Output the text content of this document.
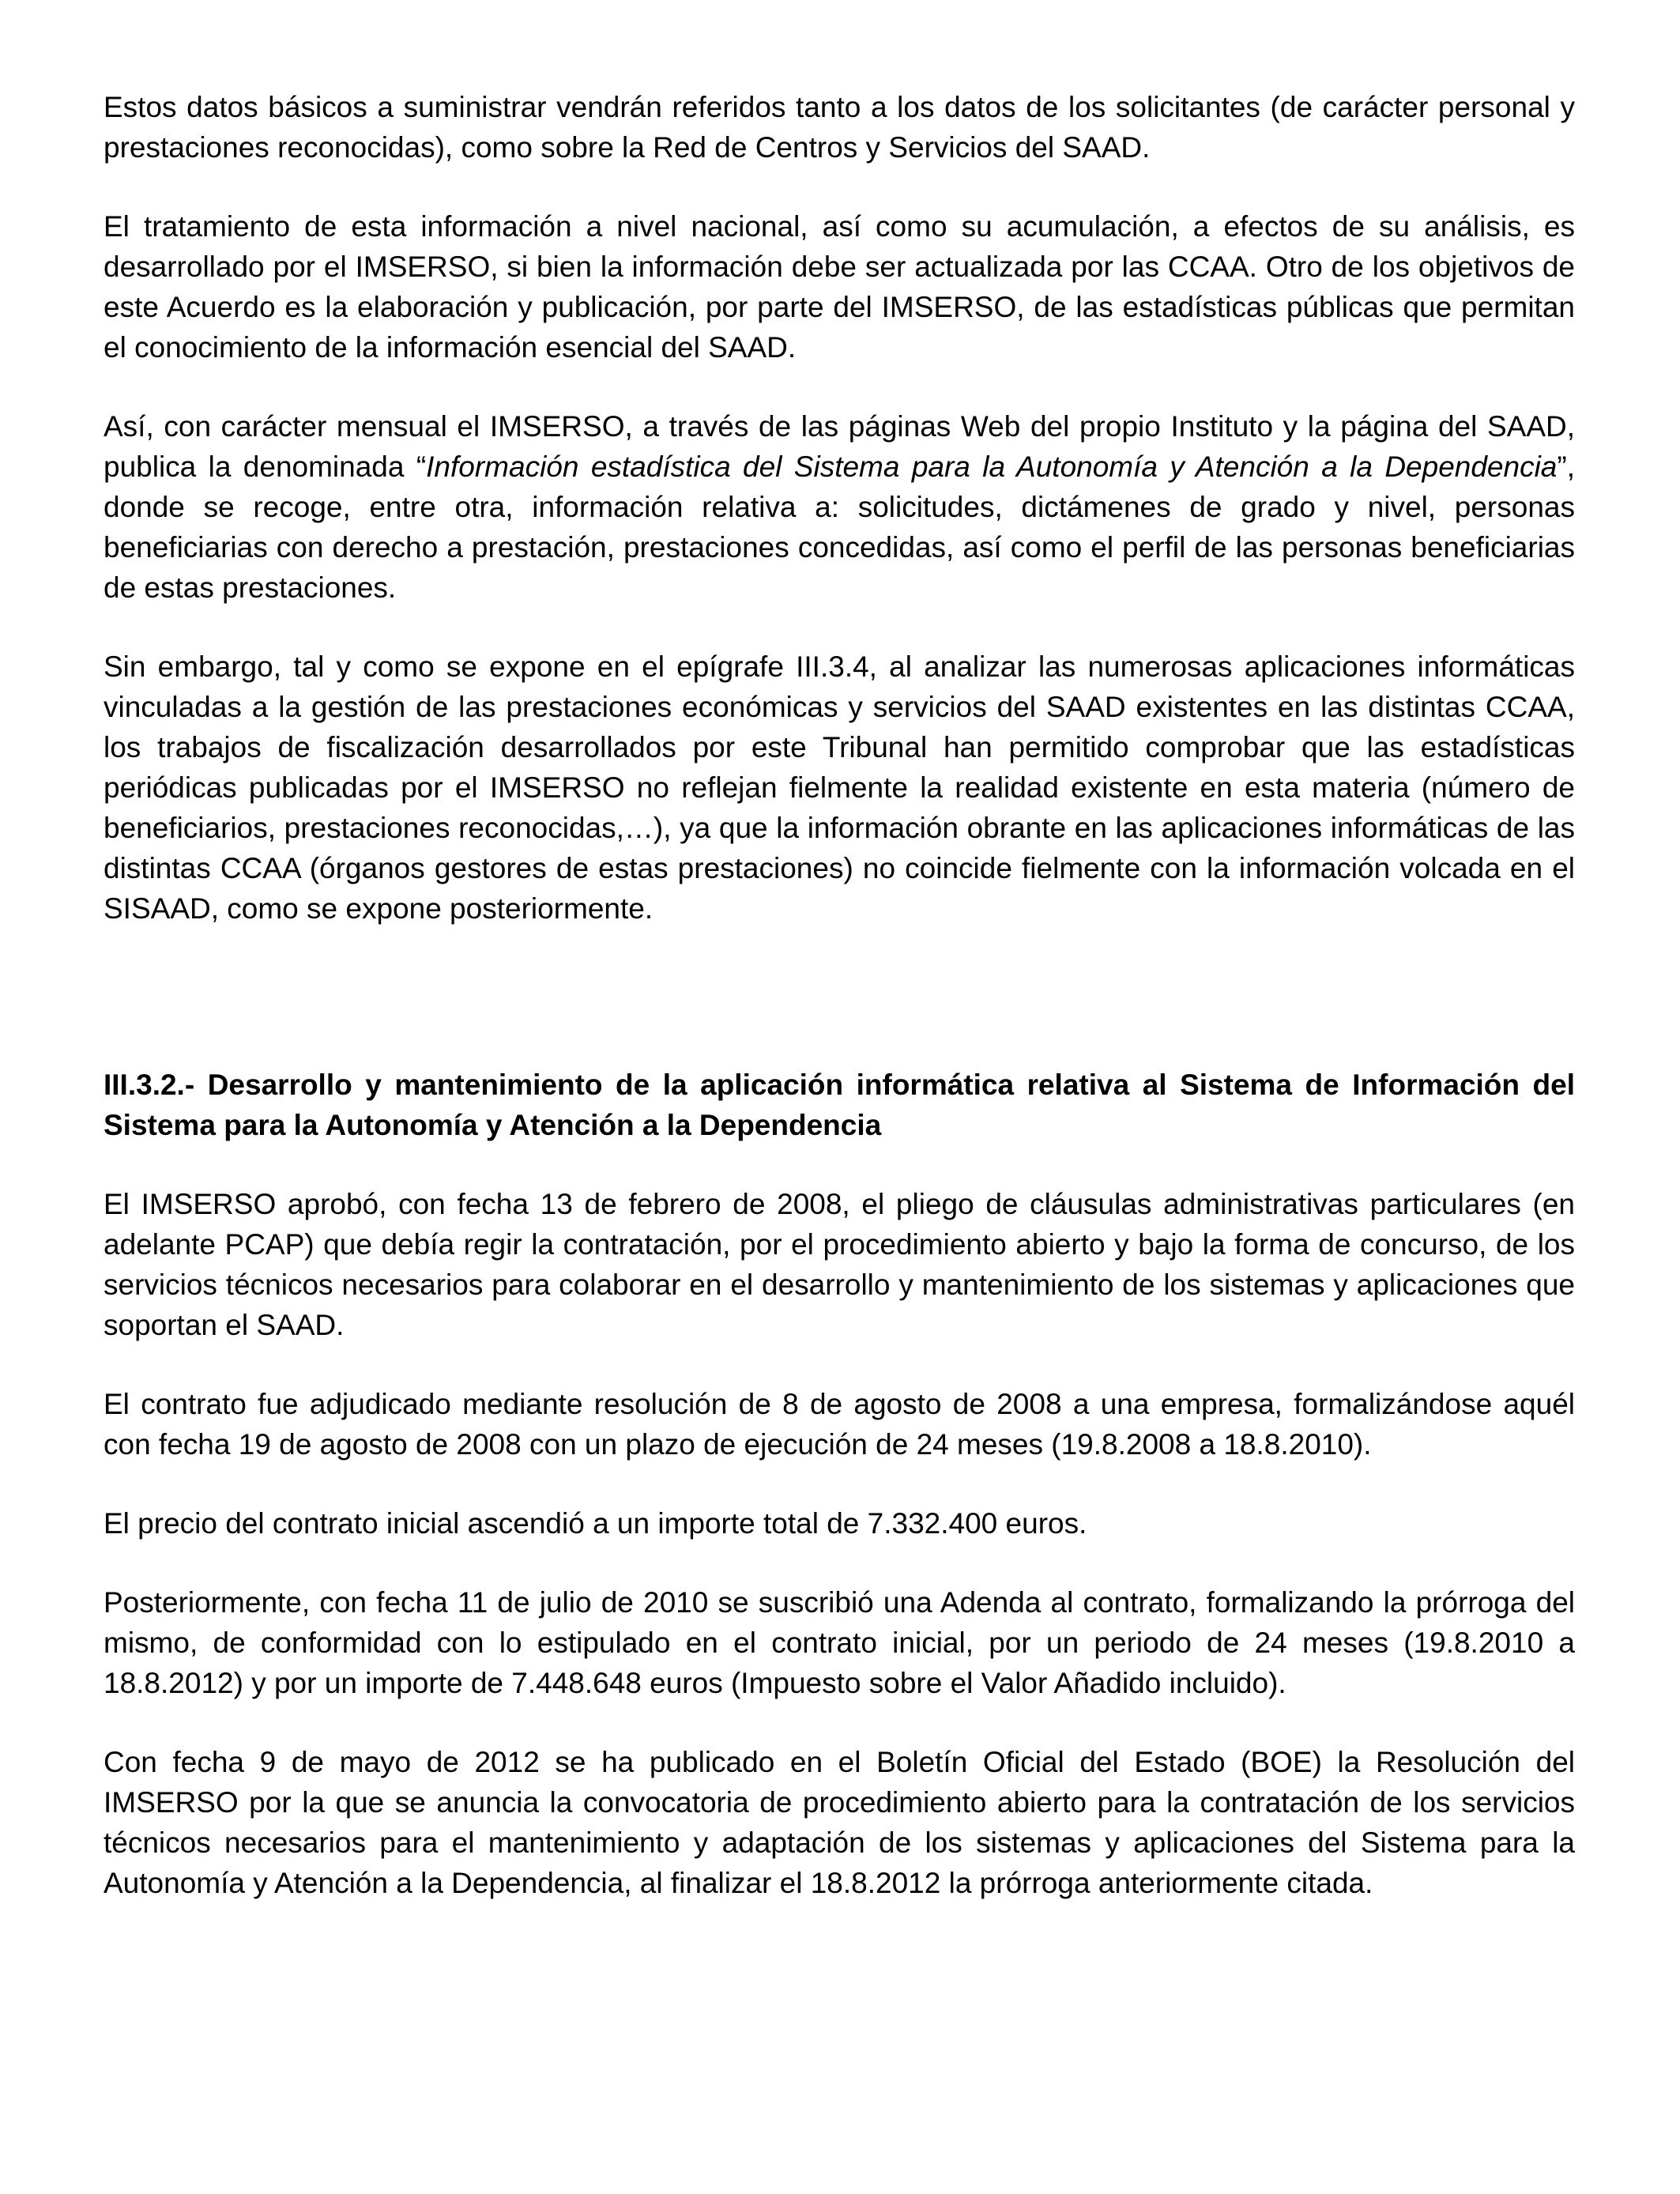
Estos datos básicos a suministrar vendrán referidos tanto a los datos de los solicitantes (de carácter personal y prestaciones reconocidas), como sobre la Red de Centros y Servicios del SAAD.

El tratamiento de esta información a nivel nacional, así como su acumulación, a efectos de su análisis, es desarrollado por el IMSERSO, si bien la información debe ser actualizada por las CCAA. Otro de los objetivos de este Acuerdo es la elaboración y publicación, por parte del IMSERSO, de las estadísticas públicas que permitan el conocimiento de la información esencial del SAAD.

Así, con carácter mensual el IMSERSO, a través de las páginas Web del propio Instituto y la página del SAAD, publica la denominada “Información estadística del Sistema para la Autonomía y Atención a la Dependencia”, donde se recoge, entre otra, información relativa a: solicitudes, dictámenes de grado y nivel, personas beneficiarias con derecho a prestación, prestaciones concedidas, así como el perfil de las personas beneficiarias de estas prestaciones.

Sin embargo, tal y como se expone en el epígrafe III.3.4, al analizar las numerosas aplicaciones informáticas vinculadas a la gestión de las prestaciones económicas y servicios del SAAD existentes en las distintas CCAA, los trabajos de fiscalización desarrollados por este Tribunal han permitido comprobar que las estadísticas periódicas publicadas por el IMSERSO no reflejan fielmente la realidad existente en esta materia (número de beneficiarios, prestaciones reconocidas,…), ya que la información obrante en las aplicaciones informáticas de las distintas CCAA (órganos gestores de estas prestaciones) no coincide fielmente con la información volcada en el SISAAD, como se expone posteriormente.

III.3.2.- Desarrollo y mantenimiento de la aplicación informática relativa al Sistema de Información del Sistema para la Autonomía y Atención a la Dependencia

El IMSERSO aprobó, con fecha 13 de febrero de 2008, el pliego de cláusulas administrativas particulares (en adelante PCAP) que debía regir la contratación, por el procedimiento abierto y bajo la forma de concurso, de los servicios técnicos necesarios para colaborar en el desarrollo y mantenimiento de los sistemas y aplicaciones que soportan el SAAD.

El contrato fue adjudicado mediante resolución de 8 de agosto de 2008 a una empresa, formalizándose aquél con fecha 19 de agosto de 2008 con un plazo de ejecución de 24 meses (19.8.2008 a 18.8.2010).

El precio del contrato inicial ascendió a un importe total de 7.332.400 euros.

Posteriormente, con fecha 11 de julio de 2010 se suscribió una Adenda al contrato, formalizando la prórroga del mismo, de conformidad con lo estipulado en el contrato inicial, por un periodo de 24 meses (19.8.2010 a 18.8.2012) y por un importe de 7.448.648 euros (Impuesto sobre el Valor Añadido incluido).

Con fecha 9 de mayo de 2012 se ha publicado en el Boletín Oficial del Estado (BOE) la Resolución del IMSERSO por la que se anuncia la convocatoria de procedimiento abierto para la contratación de los servicios técnicos necesarios para el mantenimiento y adaptación de los sistemas y aplicaciones del Sistema para la Autonomía y Atención a la Dependencia, al finalizar el 18.8.2012 la prórroga anteriormente citada.
